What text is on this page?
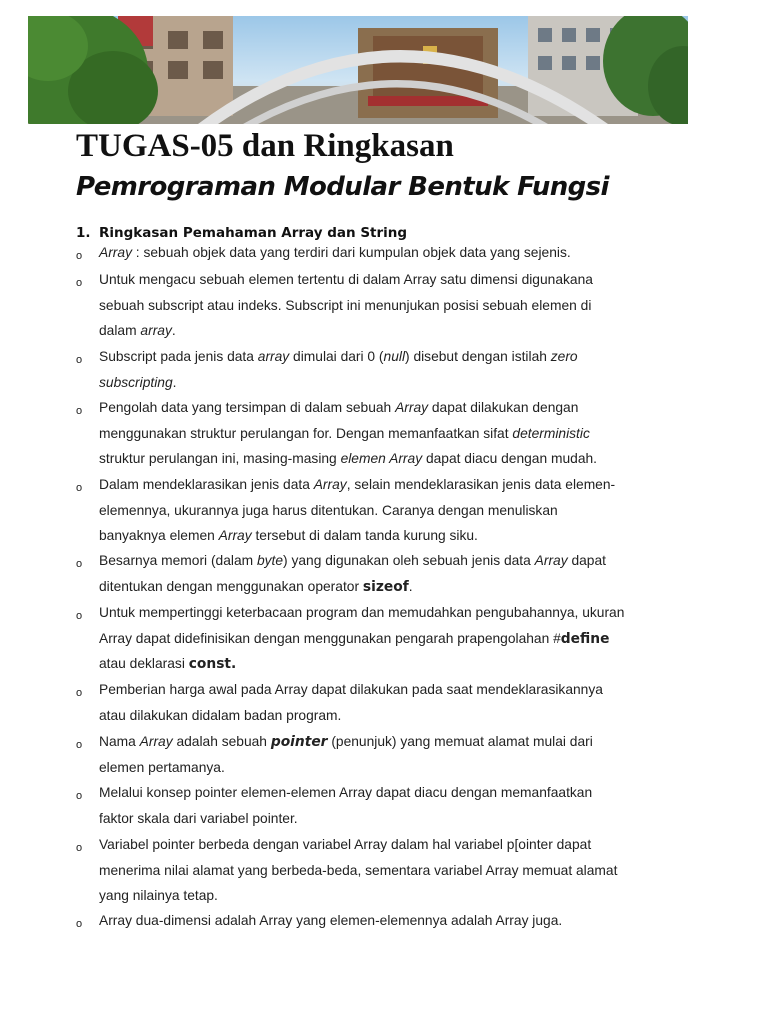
TUGAS-05 dan Ringkasan
Pemrograman Modular Bentuk Fungsi
1. Ringkasan Pemahaman Array dan String
o	Array : sebuah objek data yang terdiri dari kumpulan objek data yang sejenis.
o	Untuk mengacu sebuah elemen tertentu di dalam Array satu dimensi digunakana
sebuah subscript atau indeks. Subscript ini menunjukan posisi sebuah elemen di
dalam array.
o	Subscript pada jenis data array dimulai dari 0 (null) disebut dengan istilah zero
subscripting.
o	Pengolah data yang tersimpan di dalam sebuah Array dapat dilakukan dengan
menggunakan struktur perulangan for. Dengan memanfaatkan sifat deterministic
struktur perulangan ini, masing-masing elemen Array dapat diacu dengan mudah.
o	Dalam mendeklarasikan jenis data Array, selain mendeklarasikan jenis data elemen-
elemennya, ukurannya juga harus ditentukan. Caranya dengan menuliskan
banyaknya elemen Array tersebut di dalam tanda kurung siku.
o	Besarnya memori (dalam byte) yang digunakan oleh sebuah jenis data Array dapat
ditentukan dengan menggunakan operator sizeof.
o	Untuk mempertinggi keterbacaan program dan memudahkan pengubahannya, ukuran
Array dapat didefinisikan dengan menggunakan pengarah prapengolahan #define
atau deklarasi const.
o	Pemberian harga awal pada Array dapat dilakukan pada saat mendeklarasikannya
atau dilakukan didalam badan program.
o	Nama Array adalah sebuah pointer (penunjuk) yang memuat alamat mulai dari
elemen pertamanya.
o	Melalui konsep pointer elemen-elemen Array dapat diacu dengan memanfaatkan
faktor skala dari variabel pointer.
o	Variabel pointer berbeda dengan variabel Array dalam hal variabel p[ointer dapat
menerima nilai alamat yang berbeda-beda, sementara variabel Array memuat alamat
yang nilainya tetap.
o	Array dua-dimensi adalah Array yang elemen-elemennya adalah Array juga.
